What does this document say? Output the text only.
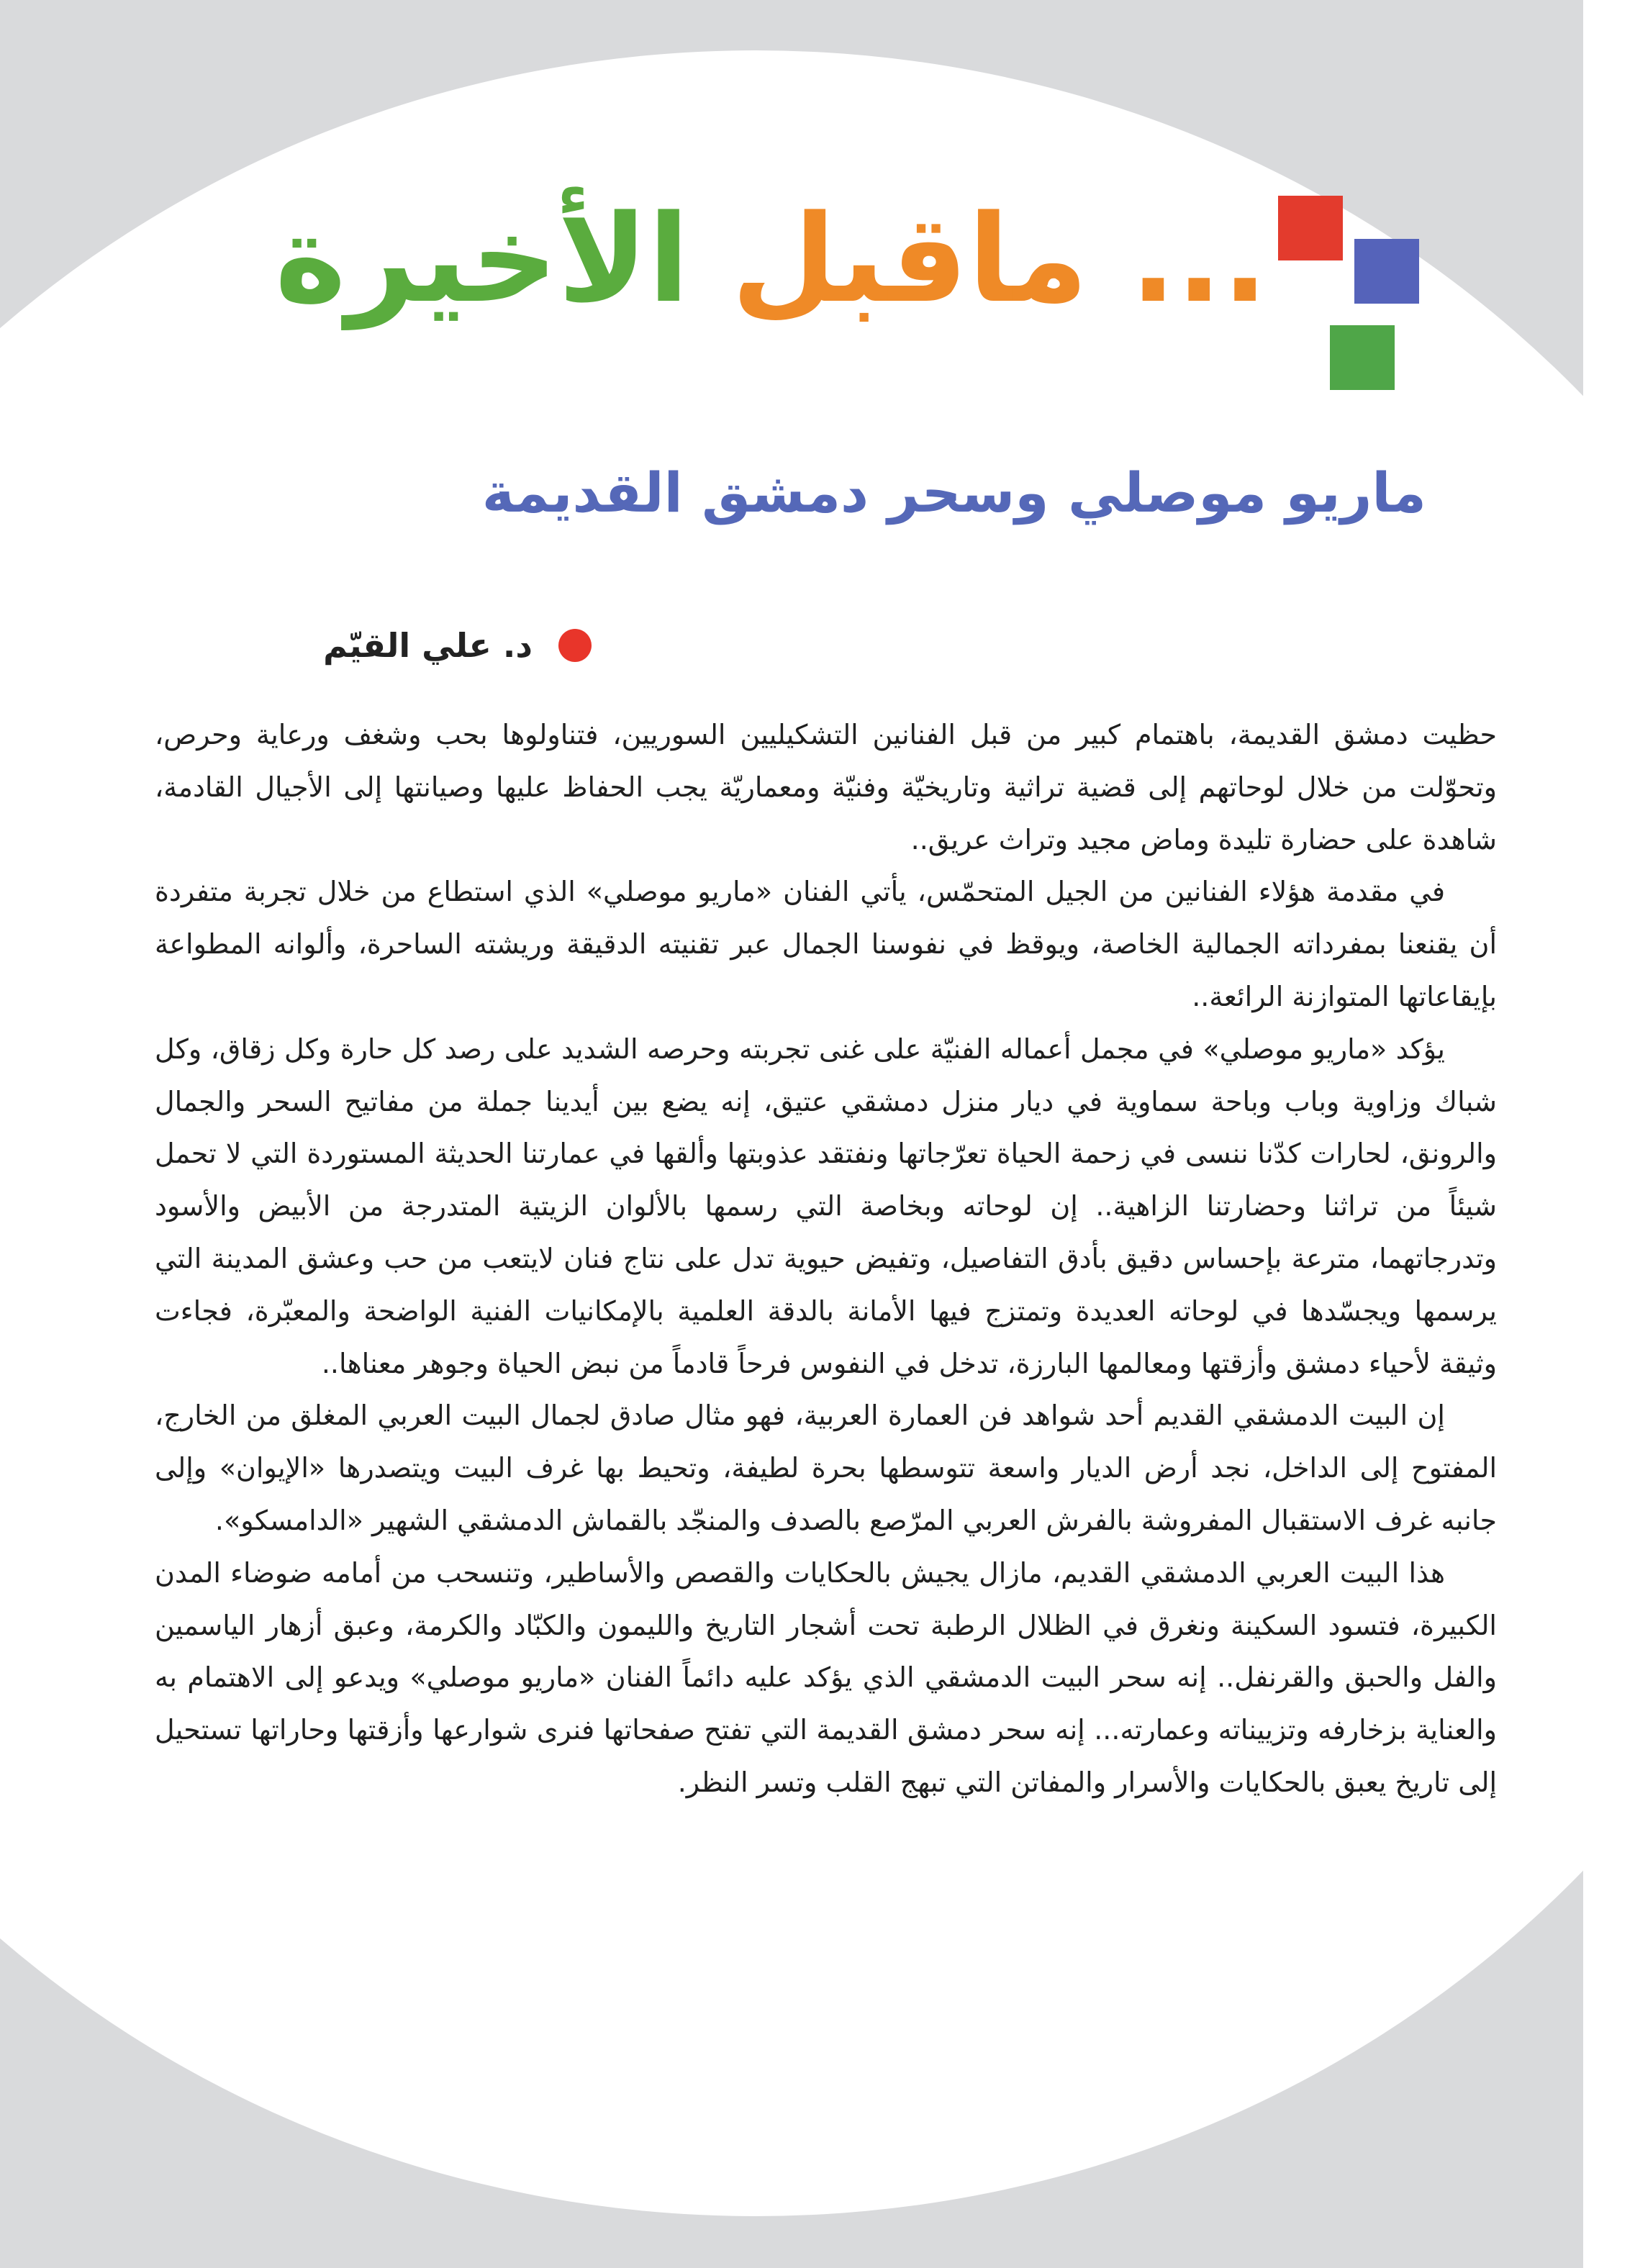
... ماقبل الأخيرة
ماريو موصلي وسحر دمشق القديمة
د. علي القيّم

حظيت دمشق القديمة، باهتمام كبير من قبل الفنانين التشكيليين السوريين، فتناولوها بحب وشغف ورعاية وحرص، وتحوّلت من خلال لوحاتهم إلى قضية تراثية وتاريخيّة وفنيّة ومعماريّة يجب الحفاظ عليها وصيانتها إلى الأجيال القادمة، شاهدة على حضارة تليدة وماض مجيد وتراث عريق..

في مقدمة هؤلاء الفنانين من الجيل المتحمّس، يأتي الفنان «ماريو موصلي» الذي استطاع من خلال تجربة متفردة أن يقنعنا بمفرداته الجمالية الخاصة، ويوقظ في نفوسنا الجمال عبر تقنيته الدقيقة وريشته الساحرة، وألوانه المطواعة بإيقاعاتها المتوازنة الرائعة..

يؤكد «ماريو موصلي» في مجمل أعماله الفنيّة على غنى تجربته وحرصه الشديد على رصد كل حارة وكل زقاق، وكل شباك وزاوية وباب وباحة سماوية في ديار منزل دمشقي عتيق، إنه يضع بين أيدينا جملة من مفاتيح السحر والجمال والرونق، لحارات كدّنا ننسى في زحمة الحياة تعرّجاتها ونفتقد عذوبتها وألقها في عمارتنا الحديثة المستوردة التي لا تحمل شيئاً من تراثنا وحضارتنا الزاهية.. إن لوحاته وبخاصة التي رسمها بالألوان الزيتية المتدرجة من الأبيض والأسود وتدرجاتهما، مترعة بإحساس دقيق بأدق التفاصيل، وتفيض حيوية تدل على نتاج فنان لايتعب من حب وعشق المدينة التي يرسمها ويجسّدها في لوحاته العديدة وتمتزج فيها الأمانة بالدقة العلمية بالإمكانيات الفنية الواضحة والمعبّرة، فجاءت وثيقة لأحياء دمشق وأزقتها ومعالمها البارزة، تدخل في النفوس فرحاً قادماً من نبض الحياة وجوهر معناها..

إن البيت الدمشقي القديم أحد شواهد فن العمارة العربية، فهو مثال صادق لجمال البيت العربي المغلق من الخارج، المفتوح إلى الداخل، نجد أرض الديار واسعة تتوسطها بحرة لطيفة، وتحيط بها غرف البيت ويتصدرها «الإيوان» وإلى جانبه غرف الاستقبال المفروشة بالفرش العربي المرّصع بالصدف والمنجّد بالقماش الدمشقي الشهير «الدامسكو».

هذا البيت العربي الدمشقي القديم، مازال يجيش بالحكايات والقصص والأساطير، وتنسحب من أمامه ضوضاء المدن الكبيرة، فتسود السكينة ونغرق في الظلال الرطبة تحت أشجار التاريخ والليمون والكبّاد والكرمة، وعبق أزهار الياسمين والفل والحبق والقرنفل.. إنه سحر البيت الدمشقي الذي يؤكد عليه دائماً الفنان «ماريو موصلي» ويدعو إلى الاهتمام به والعناية بزخارفه وتزييناته وعمارته... إنه سحر دمشق القديمة التي تفتح صفحاتها فنرى شوارعها وأزقتها وحاراتها تستحيل إلى تاريخ يعبق بالحكايات والأسرار والمفاتن التي تبهج القلب وتسر النظر.
